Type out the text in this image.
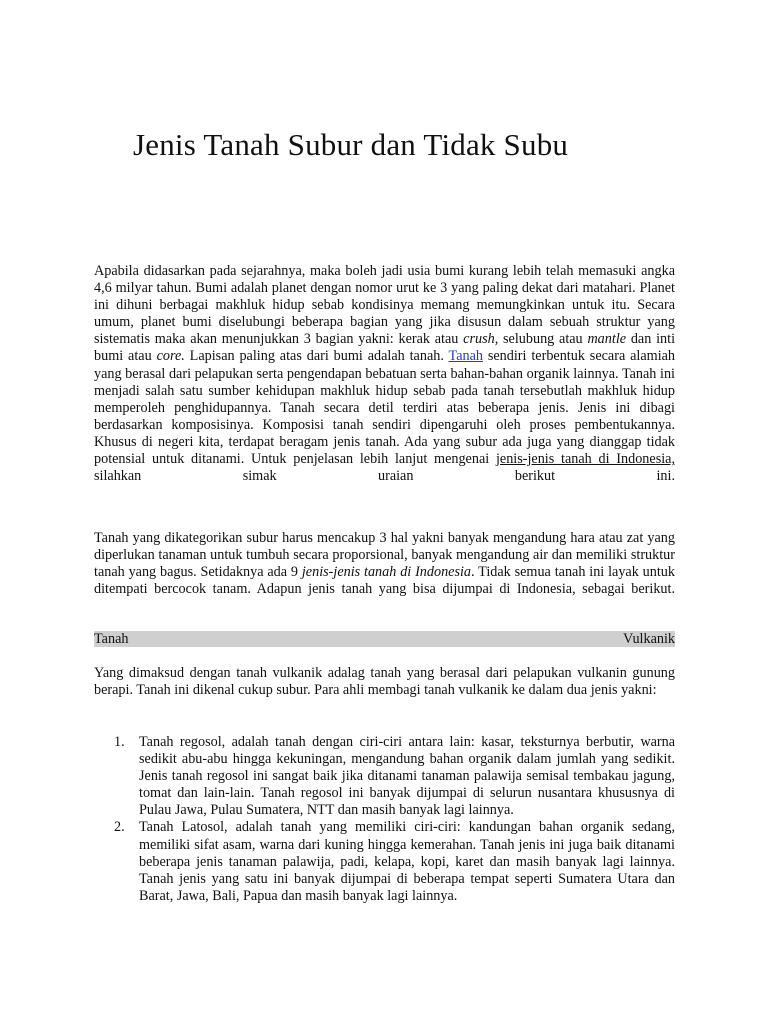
Jenis Tanah Subur dan Tidak Subu

Apabila didasarkan pada sejarahnya, maka boleh jadi usia bumi kurang lebih telah memasuki angka 4,6 milyar tahun. Bumi adalah planet dengan nomor urut ke 3 yang paling dekat dari matahari. Planet ini dihuni berbagai makhluk hidup sebab kondisinya memang memungkinkan untuk itu. Secara umum, planet bumi diselubungi beberapa bagian yang jika disusun dalam sebuah struktur yang sistematis maka akan menunjukkan 3 bagian yakni: kerak atau crush, selubung atau mantle dan inti bumi atau core. Lapisan paling atas dari bumi adalah tanah. Tanah sendiri terbentuk secara alamiah yang berasal dari pelapukan serta pengendapan bebatuan serta bahan-bahan organik lainnya. Tanah ini menjadi salah satu sumber kehidupan makhluk hidup sebab pada tanah tersebutlah makhluk hidup memperoleh penghidupannya. Tanah secara detil terdiri atas beberapa jenis. Jenis ini dibagi berdasarkan komposisinya. Komposisi tanah sendiri dipengaruhi oleh proses pembentukannya. Khusus di negeri kita, terdapat beragam jenis tanah. Ada yang subur ada juga yang dianggap tidak potensial untuk ditanami. Untuk penjelasan lebih lanjut mengenai jenis-jenis tanah di Indonesia, silahkan simak uraian berikut ini.

Tanah yang dikategorikan subur harus mencakup 3 hal yakni banyak mengandung hara atau zat yang diperlukan tanaman untuk tumbuh secara proporsional, banyak mengandung air dan memiliki struktur tanah yang bagus. Setidaknya ada 9 jenis-jenis tanah di Indonesia. Tidak semua tanah ini layak untuk ditempati bercocok tanam. Adapun jenis tanah yang bisa dijumpai di Indonesia, sebagai berikut.

Tanah	Vulkanik

Yang dimaksud dengan tanah vulkanik adalag tanah yang berasal dari pelapukan vulkanin gunung berapi. Tanah ini dikenal cukup subur. Para ahli membagi tanah vulkanik ke dalam dua jenis yakni:

1. Tanah regosol, adalah tanah dengan ciri-ciri antara lain: kasar, teksturnya berbutir, warna sedikit abu-abu hingga kekuningan, mengandung bahan organik dalam jumlah yang sedikit. Jenis tanah regosol ini sangat baik jika ditanami tanaman palawija semisal tembakau jagung, tomat dan lain-lain. Tanah regosol ini banyak dijumpai di selurun nusantara khususnya di Pulau Jawa, Pulau Sumatera, NTT dan masih banyak lagi lainnya.
2. Tanah Latosol, adalah tanah yang memiliki ciri-ciri: kandungan bahan organik sedang, memiliki sifat asam, warna dari kuning hingga kemerahan. Tanah jenis ini juga baik ditanami beberapa jenis tanaman palawija, padi, kelapa, kopi, karet dan masih banyak lagi lainnya. Tanah jenis yang satu ini banyak dijumpai di beberapa tempat seperti Sumatera Utara dan Barat, Jawa, Bali, Papua dan masih banyak lagi lainnya.
